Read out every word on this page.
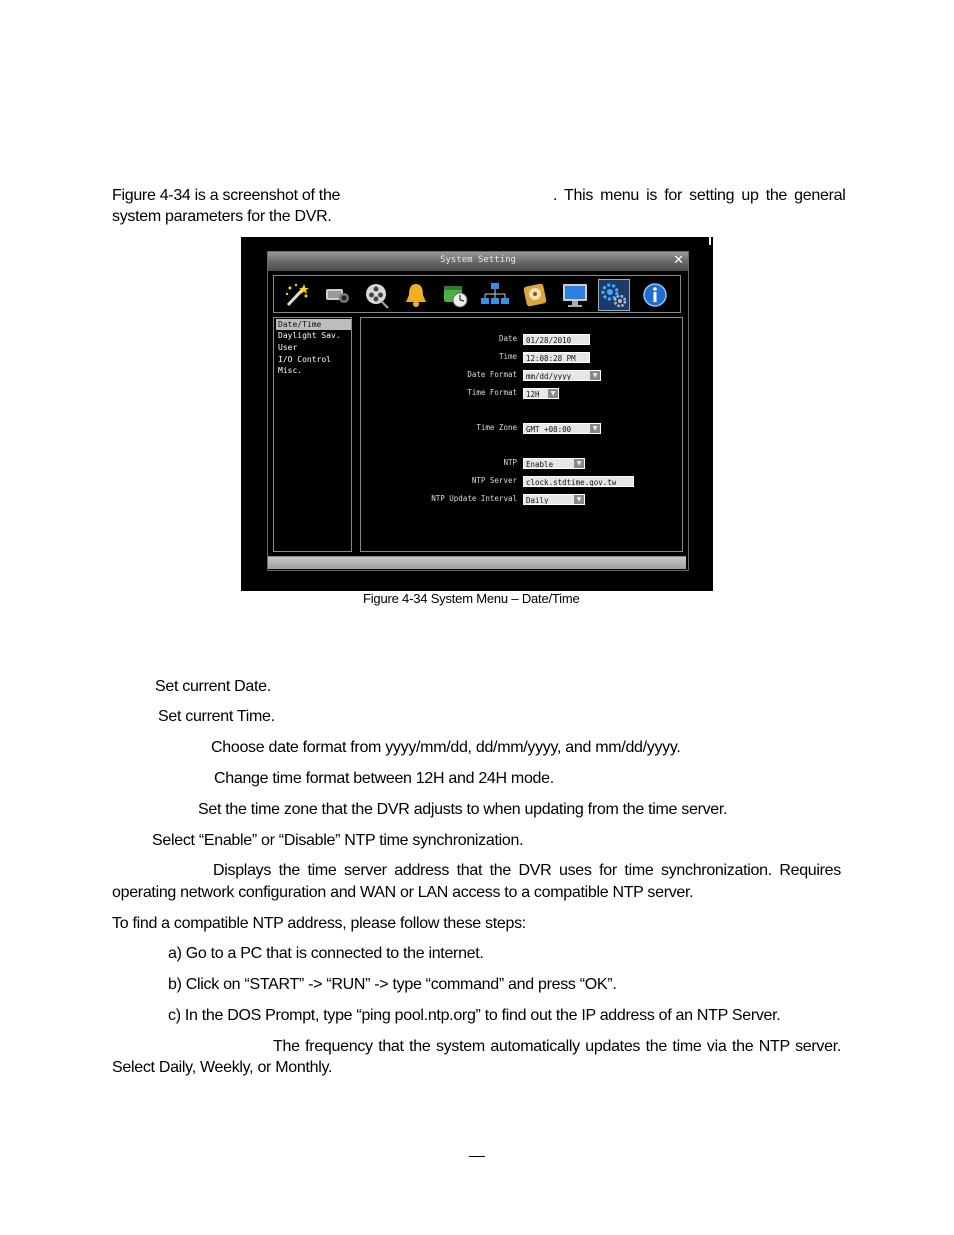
Figure 4-34 is a screenshot of the	. This menu is for setting up the general
system parameters for the DVR.
System Setting	✕
Date/Time
Daylight Sav.
User
I/O Control
Misc.
Date	01/28/2010
Time	12:08:28 PM
Date Format	mm/dd/yyyy	▼
Time Format	12H	▼
Time Zone	GMT +08:00	▼
NTP	Enable	▼
NTP Server	clock.stdtime.gov.tw
NTP Update Interval	Daily	▼
Figure 4-34 System Menu – Date/Time
Set current Date.
Set current Time.
Choose date format from yyyy/mm/dd, dd/mm/yyyy, and mm/dd/yyyy.
Change time format between 12H and 24H mode.
Set the time zone that the DVR adjusts to when updating from the time server.
Select “Enable” or “Disable” NTP time synchronization.
Displays the time server address that the DVR uses for time synchronization. Requires
operating network configuration and WAN or LAN access to a compatible NTP server.
To find a compatible NTP address, please follow these steps:
a) Go to a PC that is connected to the internet.
b) Click on “START” -> “RUN” -> type “command” and press “OK”.
c) In the DOS Prompt, type “ping pool.ntp.org” to find out the IP address of an NTP Server.
The frequency that the system automatically updates the time via the NTP server.
Select Daily, Weekly, or Monthly.
